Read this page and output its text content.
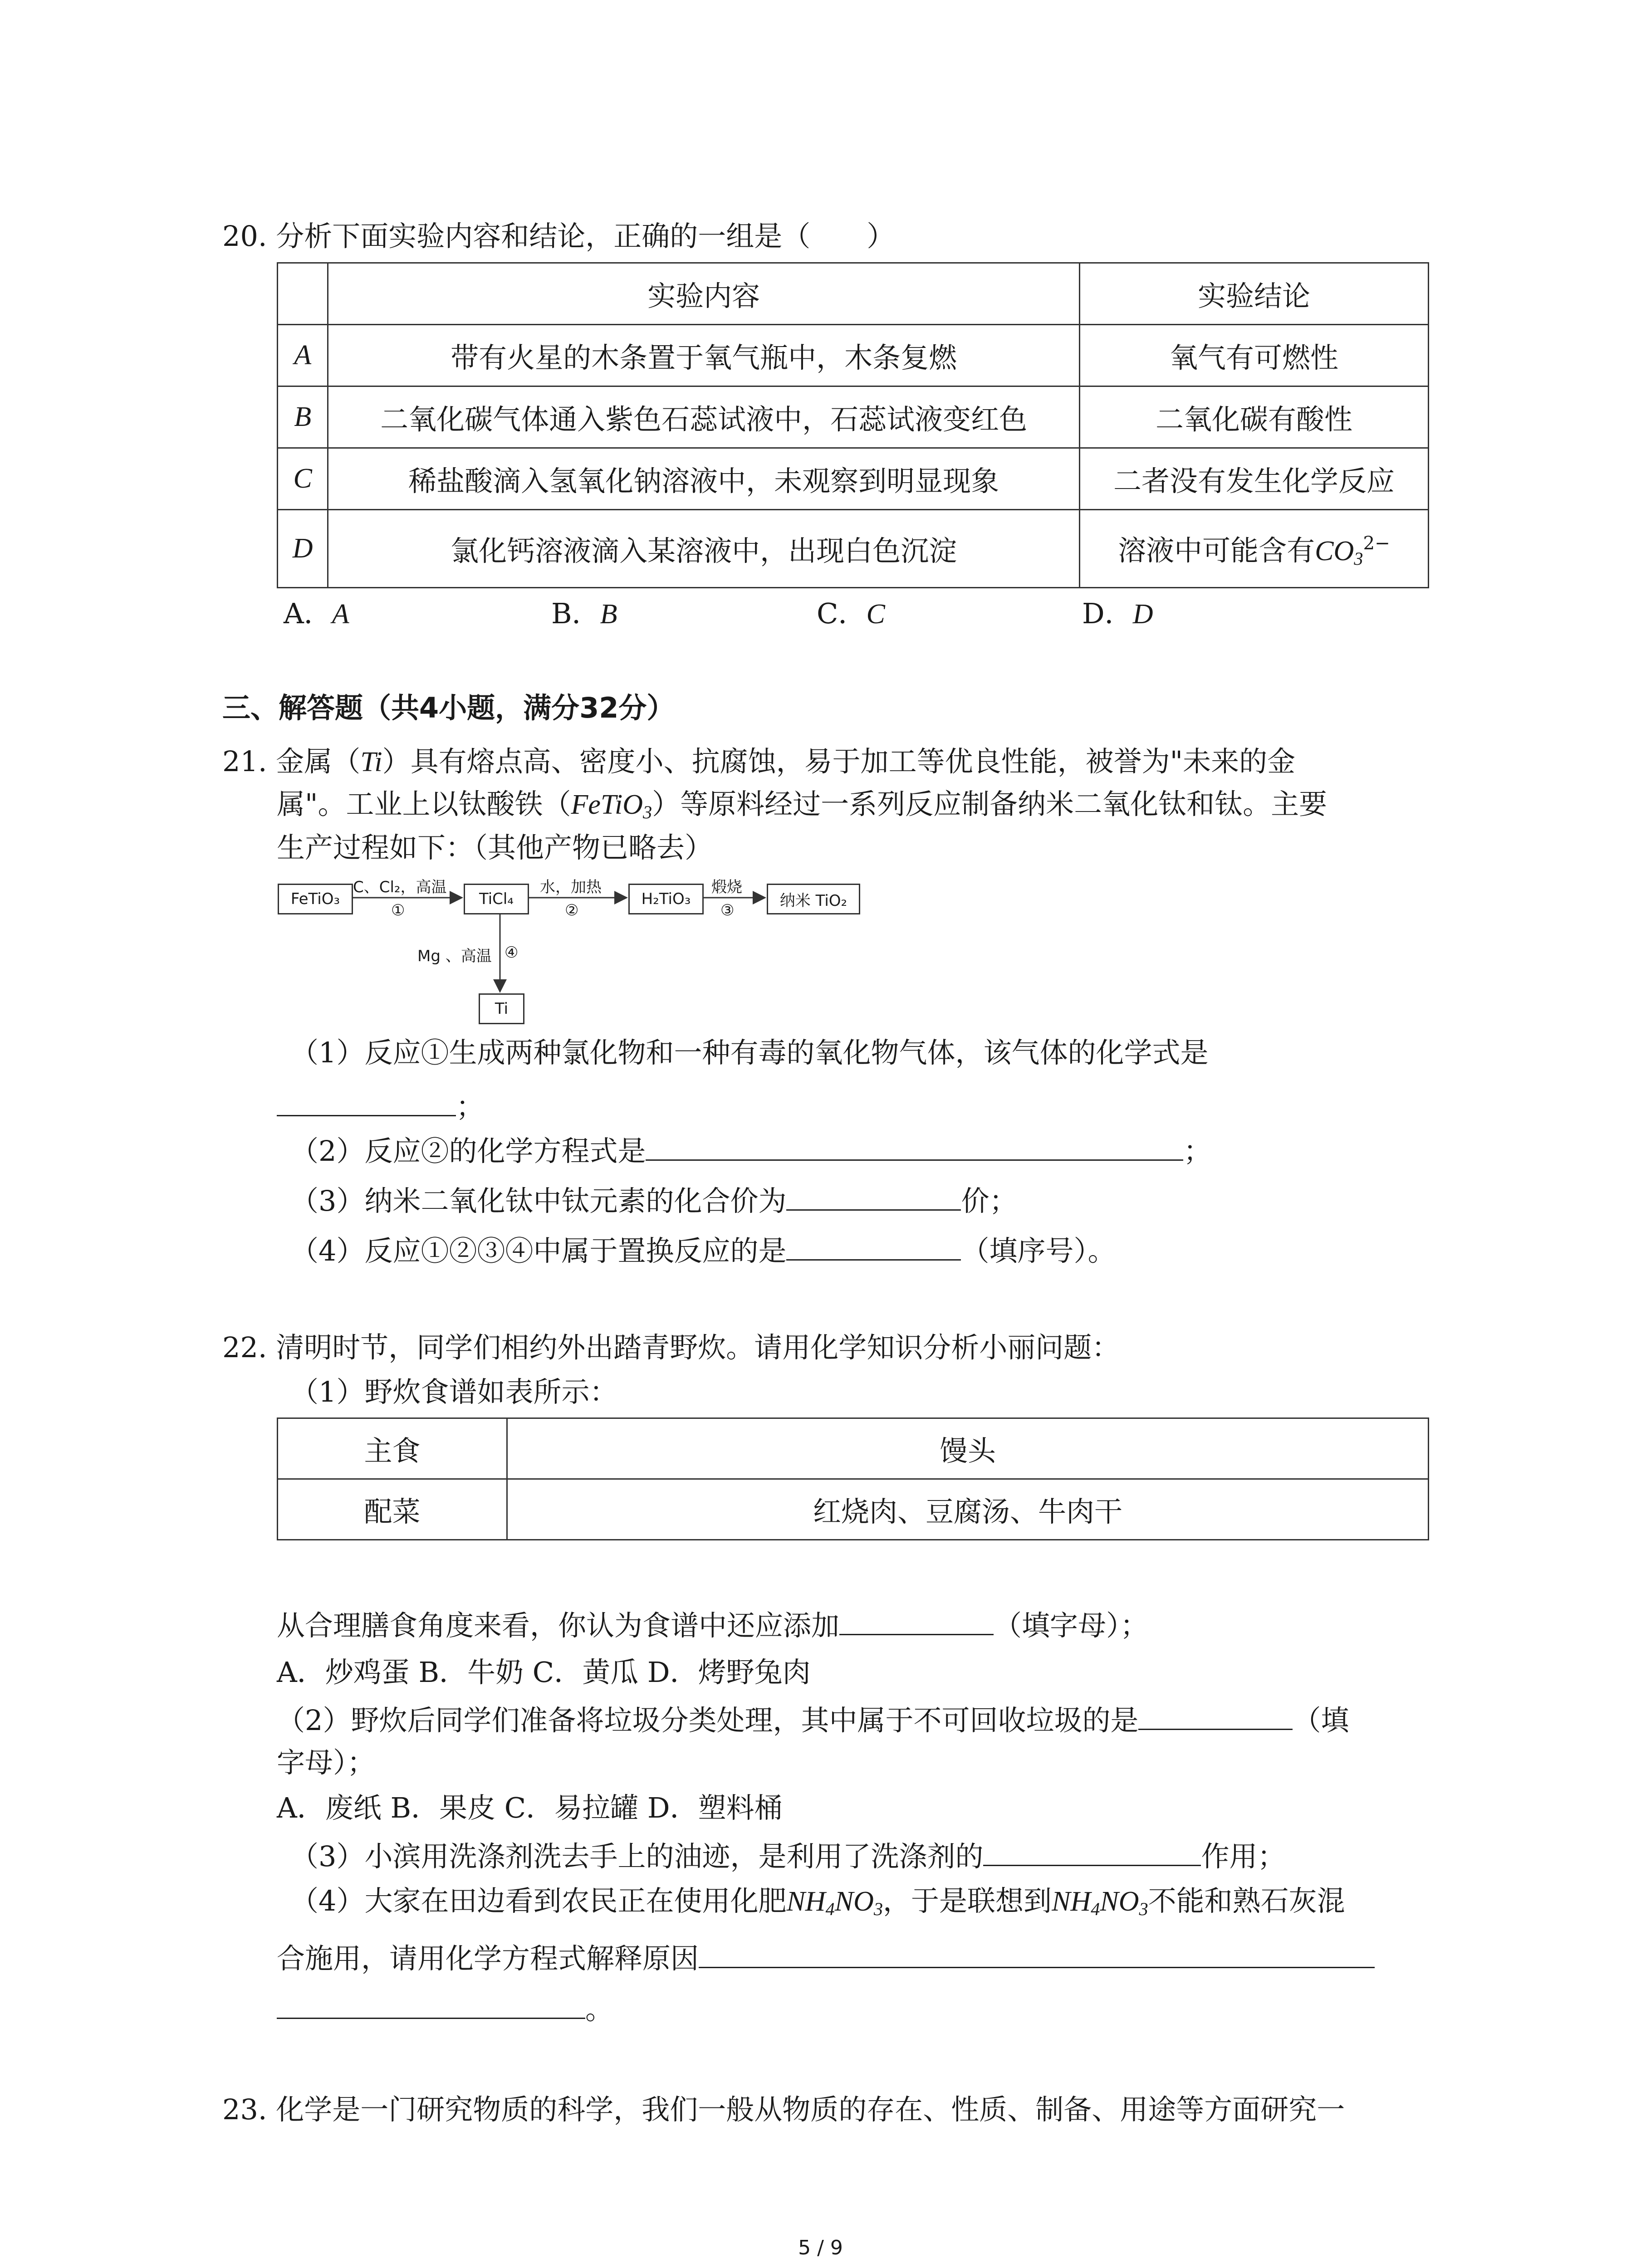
20. 分析下面实验内容和结论，正确的一组是（　　）
	实验内容	实验结论
A	带有火星的木条置于氧气瓶中，木条复燃	氧气有可燃性
B	二氧化碳气体通入紫色石蕊试液中，石蕊试液变红色	二氧化碳有酸性
C	稀盐酸滴入氢氧化钠溶液中，未观察到明显现象	二者没有发生化学反应
D	氯化钙溶液滴入某溶液中，出现白色沉淀	溶液中可能含有$CO_3^{2-}$
A．A	B．B	C．C	D．D
三、解答题（共4小题，满分32分）
21. 金属（Ti）具有熔点高、密度小、抗腐蚀，易于加工等优良性能，被誉为"未来的金
属"。工业上以钛酸铁（FeTiO$_3$）等原料经过一系列反应制备纳米二氧化钛和钛。主要
生产过程如下：（其他产物已略去）
FeTiO₃	TiCl₄	H₂TiO₃	纳米 TiO₂
Ti
C、Cl₂，高温
①
水，加热
②
煅烧
③
Mg 、高温 ④
（1）反应①生成两种氯化物和一种有毒的氧化物气体，该气体的化学式是
；
（2）反应②的化学方程式是	；
（3）纳米二氧化钛中钛元素的化合价为	价；
（4）反应①②③④中属于置换反应的是	（填序号）。
22. 清明时节，同学们相约外出踏青野炊。请用化学知识分析小丽问题：
（1）野炊食谱如表所示：
主食	馒头
配菜	红烧肉、豆腐汤、牛肉干
从合理膳食角度来看，你认为食谱中还应添加	（填字母）；
A．炒鸡蛋 B．牛奶 C．黄瓜 D．烤野兔肉
（2）野炊后同学们准备将垃圾分类处理，其中属于不可回收垃圾的是	（填
字母）；
A．废纸 B．果皮 C．易拉罐 D．塑料桶
（3）小滨用洗涤剂洗去手上的油迹，是利用了洗涤剂的	作用；
（4）大家在田边看到农民正在使用化肥$NH_4NO_3$，于是联想到$NH_4NO_3$不能和熟石灰混
合施用，请用化学方程式解释原因
。
23. 化学是一门研究物质的科学，我们一般从物质的存在、性质、制备、用途等方面研究一
5 / 9
